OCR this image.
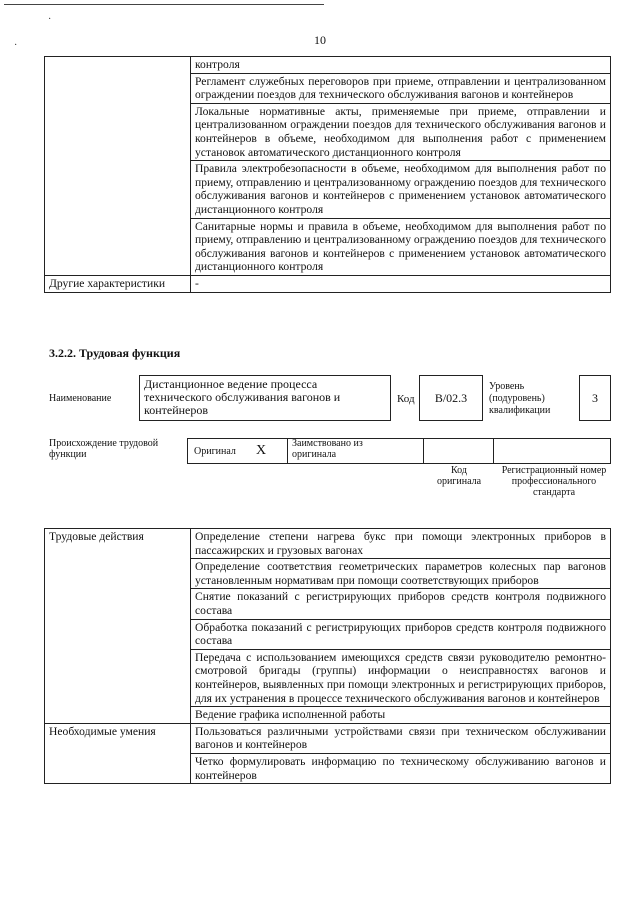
·
·	10
	контроля
	Регламент служебных переговоров при приеме, отправлении и централизованном ограждении поездов для технического обслуживания вагонов и контейнеров
	Локальные нормативные акты, применяемые при приеме, отправлении и централизованном ограждении поездов для технического обслуживания вагонов и контейнеров в объеме, необходимом для выполнения работ с применением установок автоматического дистанционного контроля
	Правила электробезопасности в объеме, необходимом для выполнения работ по приему, отправлению и централизованному ограждению поездов для технического обслуживания вагонов и контейнеров с применением установок автоматического дистанционного контроля
	Санитарные нормы и правила в объеме, необходимом для выполнения работ по приему, отправлению и централизованному ограждению поездов для технического обслуживания вагонов и контейнеров с применением установок автоматического дистанционного контроля
Другие характеристики	-
3.2.2. Трудовая функция
Наименование
Дистанционное ведение процесса технического обслуживания вагонов и контейнеров
Код B/02.3
Уровень (подуровень) квалификации
3
Происхождение трудовой функции	Оригинал X	Заимствовано из оригинала
Код оригинала
Регистрационный номер профессионального стандарта
Трудовые действия	Определение степени нагрева букс при помощи электронных приборов в пассажирских и грузовых вагонах
	Определение соответствия геометрических параметров колесных пар вагонов установленным нормативам при помощи соответствующих приборов
	Снятие показаний с регистрирующих приборов средств контроля подвижного состава
	Обработка показаний с регистрирующих приборов средств контроля подвижного состава
	Передача с использованием имеющихся средств связи руководителю ремонтно-смотровой бригады (группы) информации о неисправностях вагонов и контейнеров, выявленных при помощи электронных и регистрирующих приборов, для их устранения в процессе технического обслуживания вагонов и контейнеров
	Ведение графика исполненной работы
Необходимые умения	Пользоваться различными устройствами связи при техническом обслуживании вагонов и контейнеров
	Четко формулировать информацию по техническому обслуживанию вагонов и контейнеров
